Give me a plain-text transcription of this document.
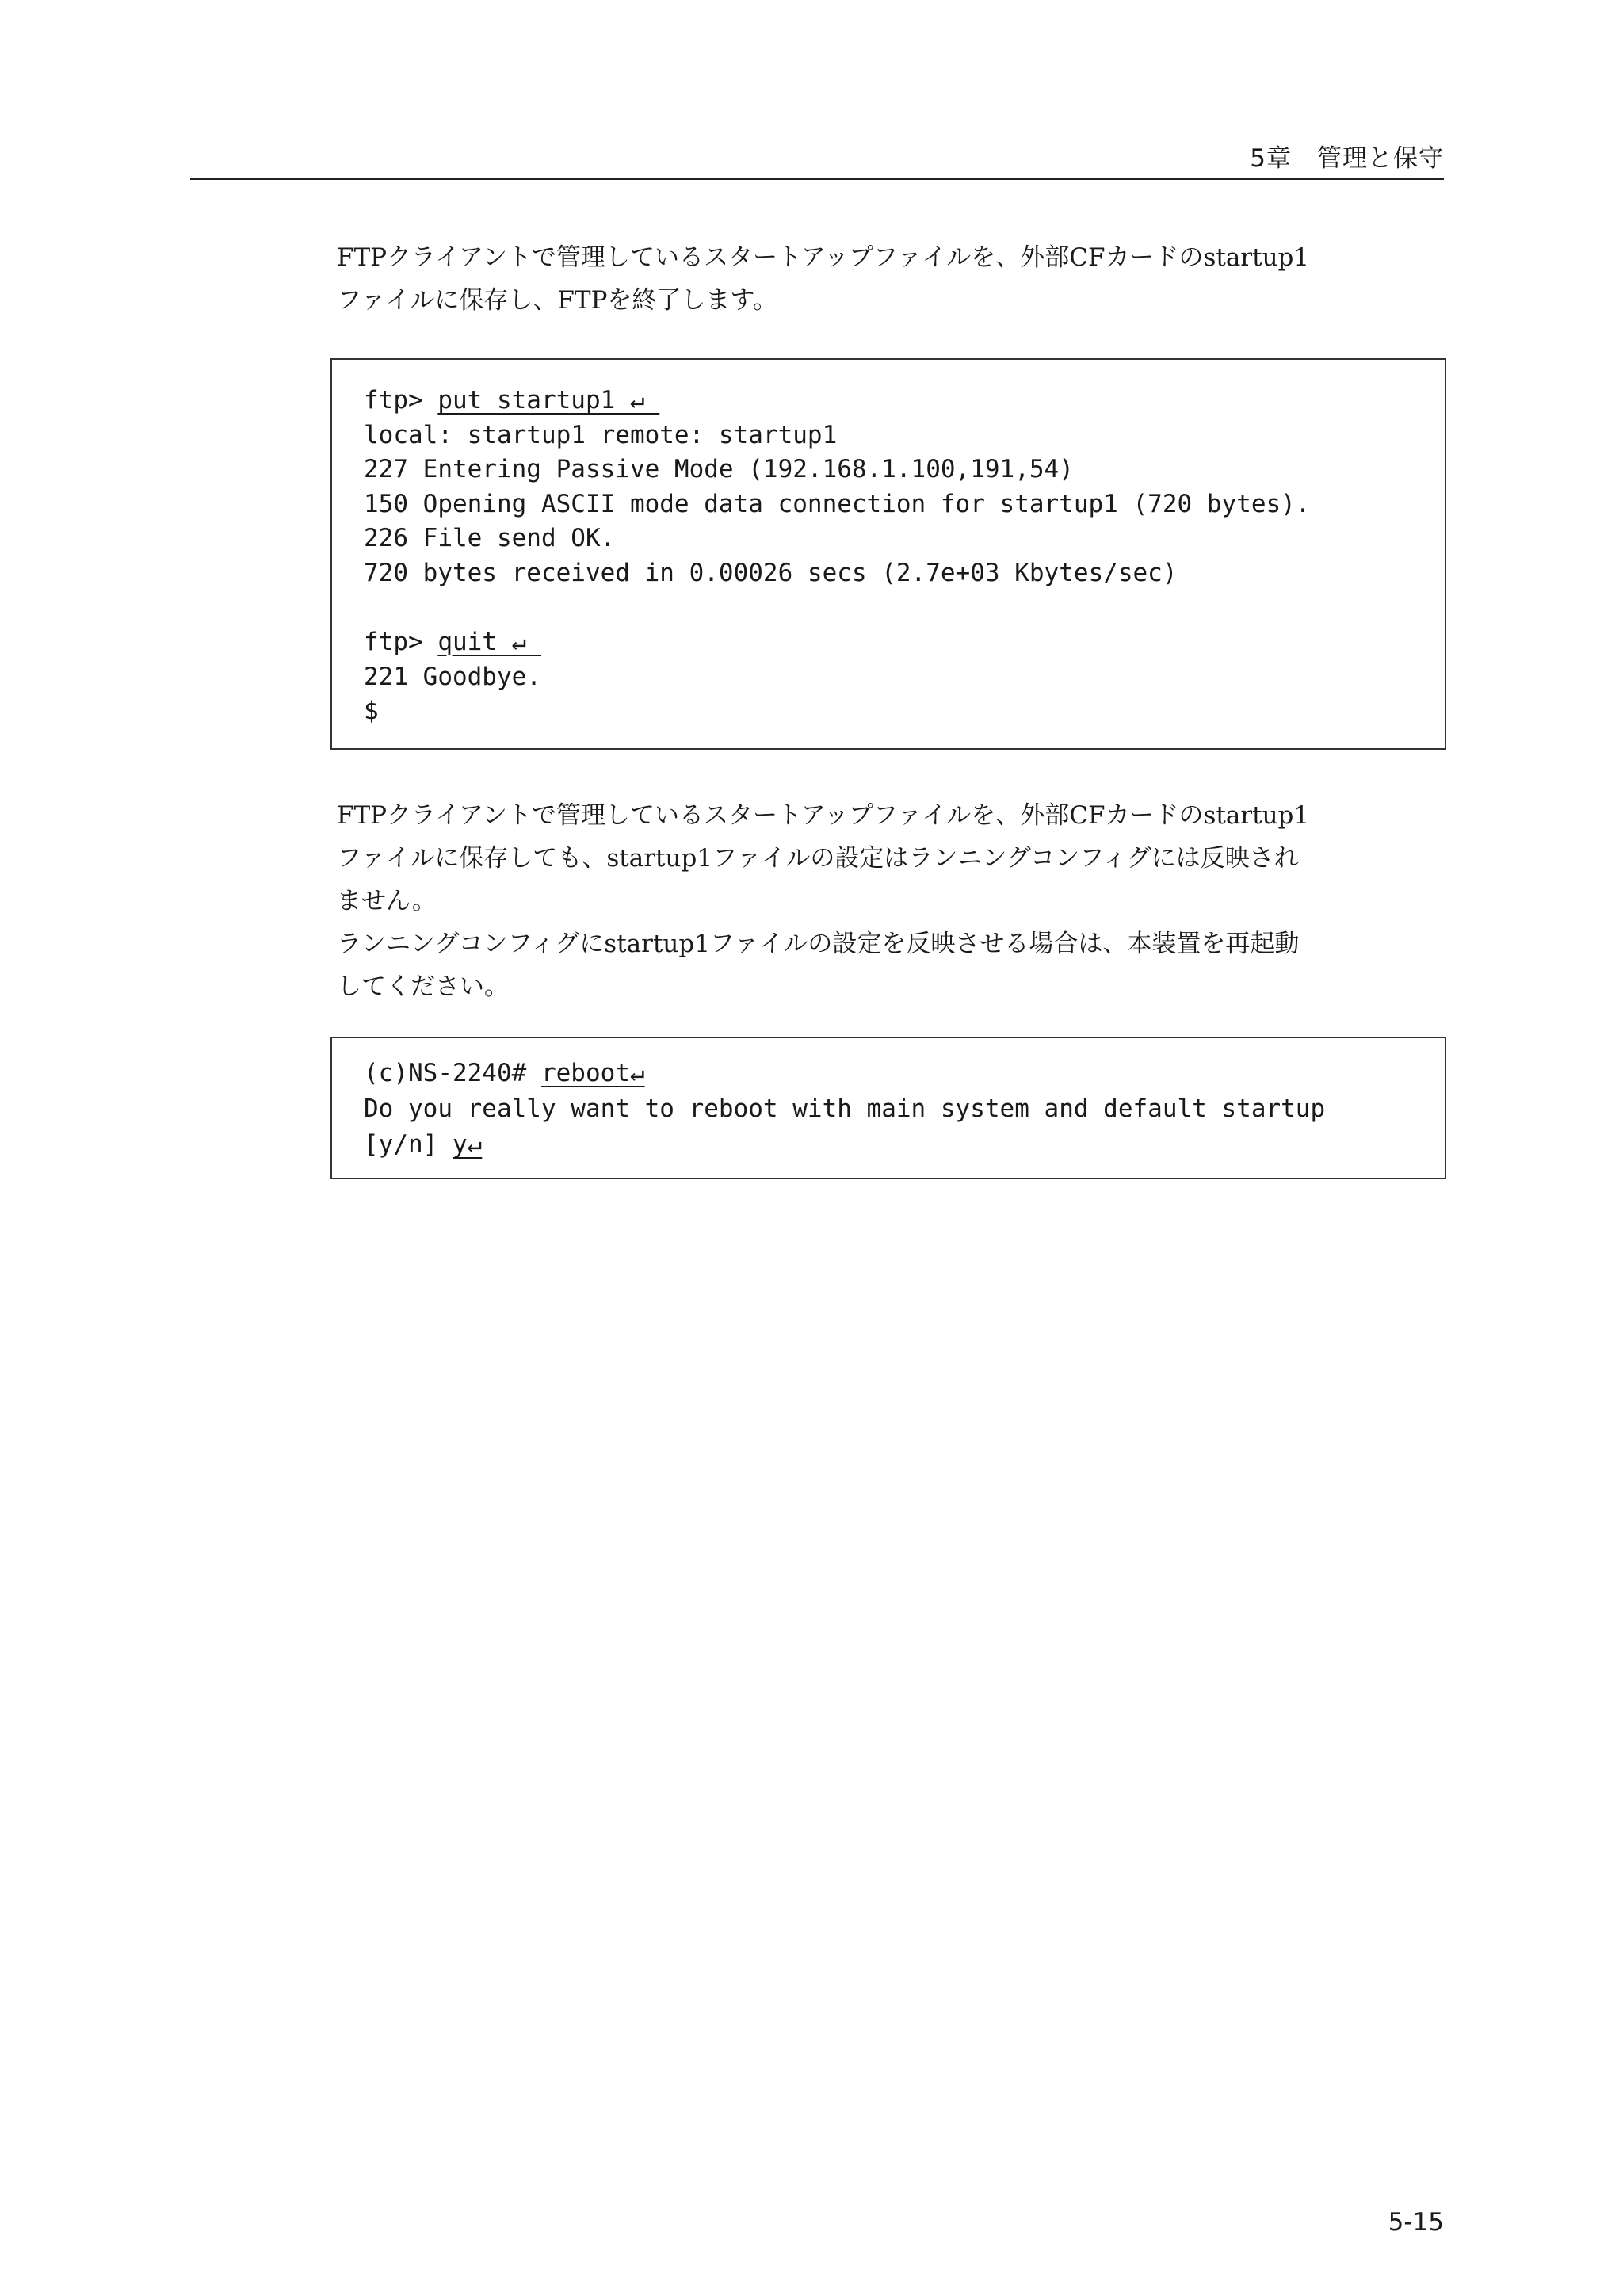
5章　管理と保守
FTPクライアントで管理しているスタートアップファイルを、外部CFカードのstartup1
ファイルに保存し、FTPを終了します。
ftp> put startup1 ↵
local: startup1 remote: startup1
227 Entering Passive Mode (192.168.1.100,191,54)
150 Opening ASCII mode data connection for startup1 (720 bytes).
226 File send OK.
720 bytes received in 0.00026 secs (2.7e+03 Kbytes/sec)
ftp> quit ↵
221 Goodbye.
$
FTPクライアントで管理しているスタートアップファイルを、外部CFカードのstartup1
ファイルに保存しても、startup1ファイルの設定はランニングコンフィグには反映され
ません。
ランニングコンフィグにstartup1ファイルの設定を反映させる場合は、本装置を再起動
してください。
(c)NS-2240# reboot↵
Do you really want to reboot with main system and default startup
[y/n] y↵
5-15
